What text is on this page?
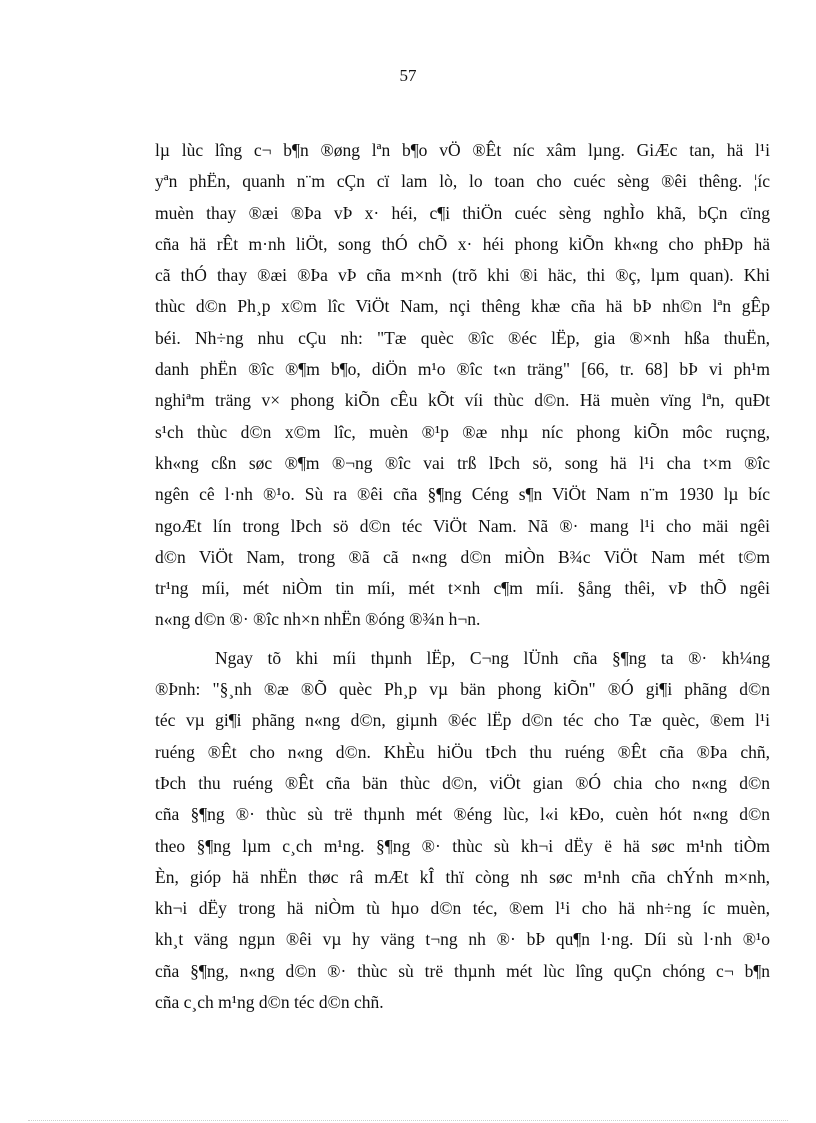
57
lµ lùc lîng c¬ b¶n ®øng lªn b¶o vÖ ®Êt níc xâm lµng. GiÆc tan, hä l¹i
yªn phËn, quanh n¨m cÇn cï lam lò, lo toan cho cuéc sèng ®êi thêng. ¦íc
muèn thay ®æi ®Þa vÞ x· héi, c¶i thiÖn cuéc sèng nghÌo khã, bÇn cïng
cña hä rÊt m·nh liÖt, song thÓ chÕ x· héi phong kiÕn kh«ng cho phÐp hä
cã thÓ thay ®æi ®Þa vÞ cña m×nh (trõ khi ®i häc, thi ®ç, lµm quan). Khi
thùc d©n Ph¸p x©m lîc ViÖt Nam, nçi thêng khæ cña hä bÞ nh©n lªn gÊp
béi. Nh÷ng nhu cÇu nh: "Tæ quèc ®îc ®éc lËp, gia ®×nh hßa thuËn,
danh phËn ®îc ®¶m b¶o, diÖn m¹o ®îc t«n träng" [66, tr. 68] bÞ vi ph¹m
nghiªm träng v× phong kiÕn cÊu kÕt víi thùc d©n. Hä muèn vïng lªn, quÐt
s¹ch thùc d©n x©m lîc, muèn ®¹p ®æ nhµ níc phong kiÕn môc ruçng,
kh«ng cßn søc ®¶m ®¬ng ®îc vai trß lÞch sö, song hä l¹i cha t×m ®îc
ngên cê l·nh ®¹o. Sù ra ®êi cña §¶ng Céng s¶n ViÖt Nam n¨m 1930 lµ bíc
ngoÆt lín trong lÞch sö d©n téc ViÖt Nam. Nã ®· mang l¹i cho mäi ngêi
d©n ViÖt Nam, trong ®ã cã n«ng d©n miÒn B¾c ViÖt Nam mét t©m
tr¹ng míi, mét niÒm tin míi, mét t×nh c¶m míi. §ång thêi, vÞ thÕ ngêi
n«ng d©n ®· ®îc nh×n nhËn ®óng ®¾n h¬n.
Ngay tõ khi míi thµnh lËp, C¬ng lÜnh cña §¶ng ta ®· kh¼ng
®Þnh: "§¸nh ®æ ®Õ quèc Ph¸p vµ bän phong kiÕn" ®Ó gi¶i phãng d©n
téc vµ gi¶i phãng n«ng d©n, giµnh ®éc lËp d©n téc cho Tæ quèc, ®em l¹i
ruéng ®Êt cho n«ng d©n. KhÈu hiÖu tÞch thu ruéng ®Êt cña ®Þa chñ,
tÞch thu ruéng ®Êt cña bän thùc d©n, viÖt gian ®Ó chia cho n«ng d©n
cña §¶ng ®· thùc sù trë thµnh mét ®éng lùc, l«i kÐo, cuèn hót n«ng d©n
theo §¶ng lµm c¸ch m¹ng. §¶ng ®· thùc sù kh¬i dËy ë hä søc m¹nh tiÒm
Èn, gióp hä nhËn thøc râ mÆt kÎ thï còng nh søc m¹nh cña chÝnh m×nh,
kh¬i dËy trong hä niÒm tù hµo d©n téc, ®em l¹i cho hä nh÷ng íc muèn,
kh¸t väng ngµn ®êi vµ hy väng t¬ng nh ®· bÞ qu¶n l·ng. Díi sù l·nh ®¹o
cña §¶ng, n«ng d©n ®· thùc sù trë thµnh mét lùc lîng quÇn chóng c¬ b¶n
cña c¸ch m¹ng d©n téc d©n chñ.
